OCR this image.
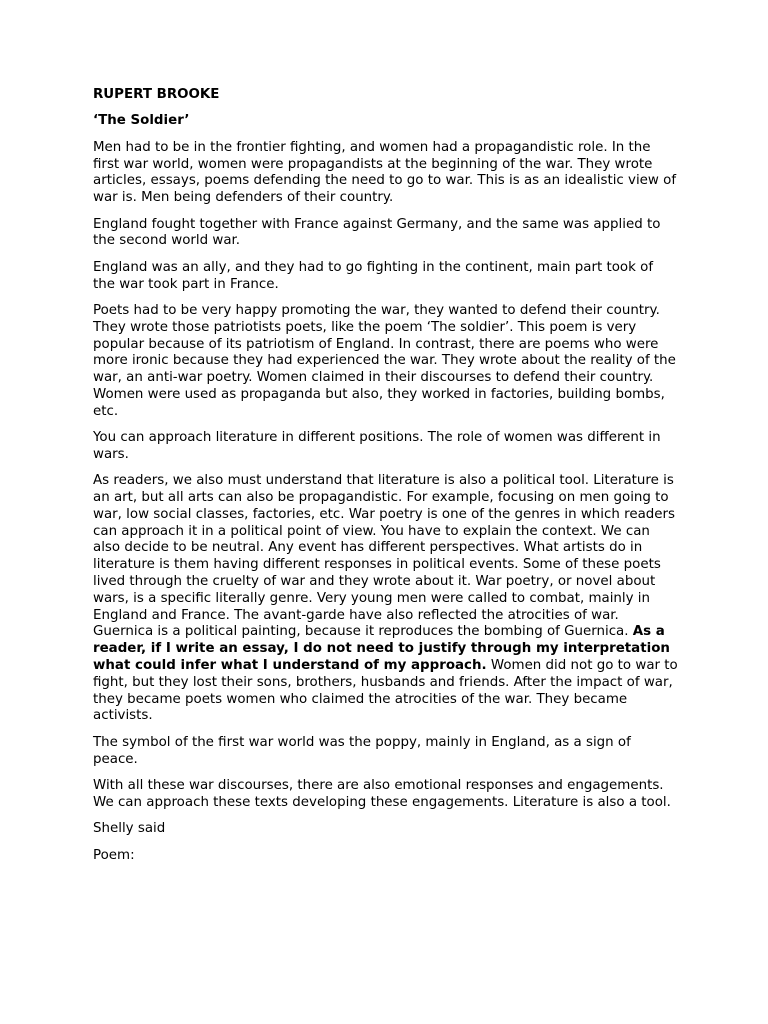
RUPERT BROOKE

‘The Soldier’

Men had to be in the frontier fighting, and women had a propagandistic role. In the first war world, women were propagandists at the beginning of the war. They wrote articles, essays, poems defending the need to go to war. This is as an idealistic view of war is. Men being defenders of their country.

England fought together with France against Germany, and the same was applied to the second world war.

England was an ally, and they had to go fighting in the continent, main part took of the war took part in France.

Poets had to be very happy promoting the war, they wanted to defend their country. They wrote those patriotists poets, like the poem ‘The soldier’. This poem is very popular because of its patriotism of England. In contrast, there are poems who were more ironic because they had experienced the war. They wrote about the reality of the war, an anti-war poetry. Women claimed in their discourses to defend their country. Women were used as propaganda but also, they worked in factories, building bombs, etc.

You can approach literature in different positions. The role of women was different in wars.

As readers, we also must understand that literature is also a political tool. Literature is an art, but all arts can also be propagandistic. For example, focusing on men going to war, low social classes, factories, etc. War poetry is one of the genres in which readers can approach it in a political point of view. You have to explain the context. We can also decide to be neutral. Any event has different perspectives. What artists do in literature is them having different responses in political events. Some of these poets lived through the cruelty of war and they wrote about it. War poetry, or novel about wars, is a specific literally genre. Very young men were called to combat, mainly in England and France. The avant-garde have also reflected the atrocities of war. Guernica is a political painting, because it reproduces the bombing of Guernica. As a reader, if I write an essay, I do not need to justify through my interpretation what could infer what I understand of my approach. Women did not go to war to fight, but they lost their sons, brothers, husbands and friends. After the impact of war, they became poets women who claimed the atrocities of the war. They became activists.

The symbol of the first war world was the poppy, mainly in England, as a sign of peace.

With all these war discourses, there are also emotional responses and engagements. We can approach these texts developing these engagements. Literature is also a tool.

Shelly said

Poem:
